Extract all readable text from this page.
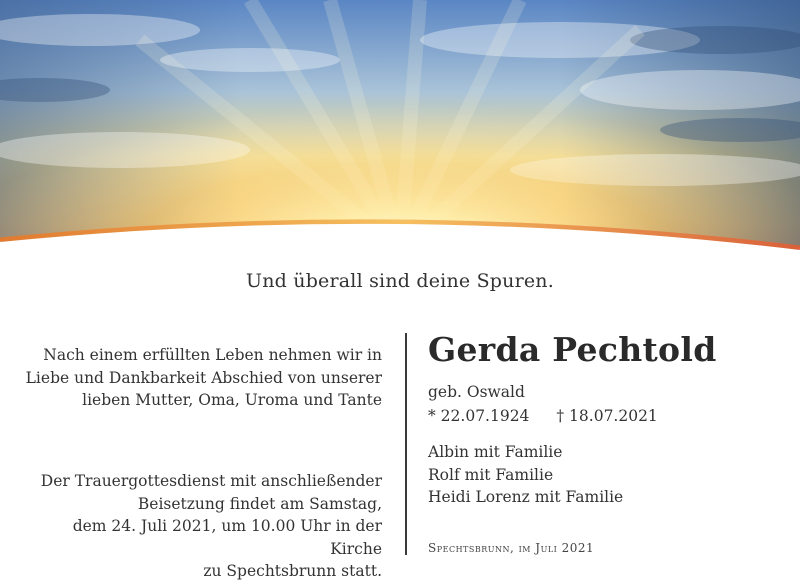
Und überall sind deine Spuren.
Nach einem erfüllten Leben nehmen wir in
Liebe und Dankbarkeit Abschied von unserer
lieben Mutter, Oma, Uroma und Tante
Der Trauergottesdienst mit anschließender
Beisetzung findet am Samstag,
dem 24. Juli 2021, um 10.00 Uhr in der Kirche
zu Spechtsbrunn statt.
Gerda Pechtold
geb. Oswald
* 22.07.1924 † 18.07.2021
Albin mit Familie
Rolf mit Familie
Heidi Lorenz mit Familie
Spechtsbrunn, im Juli 2021
